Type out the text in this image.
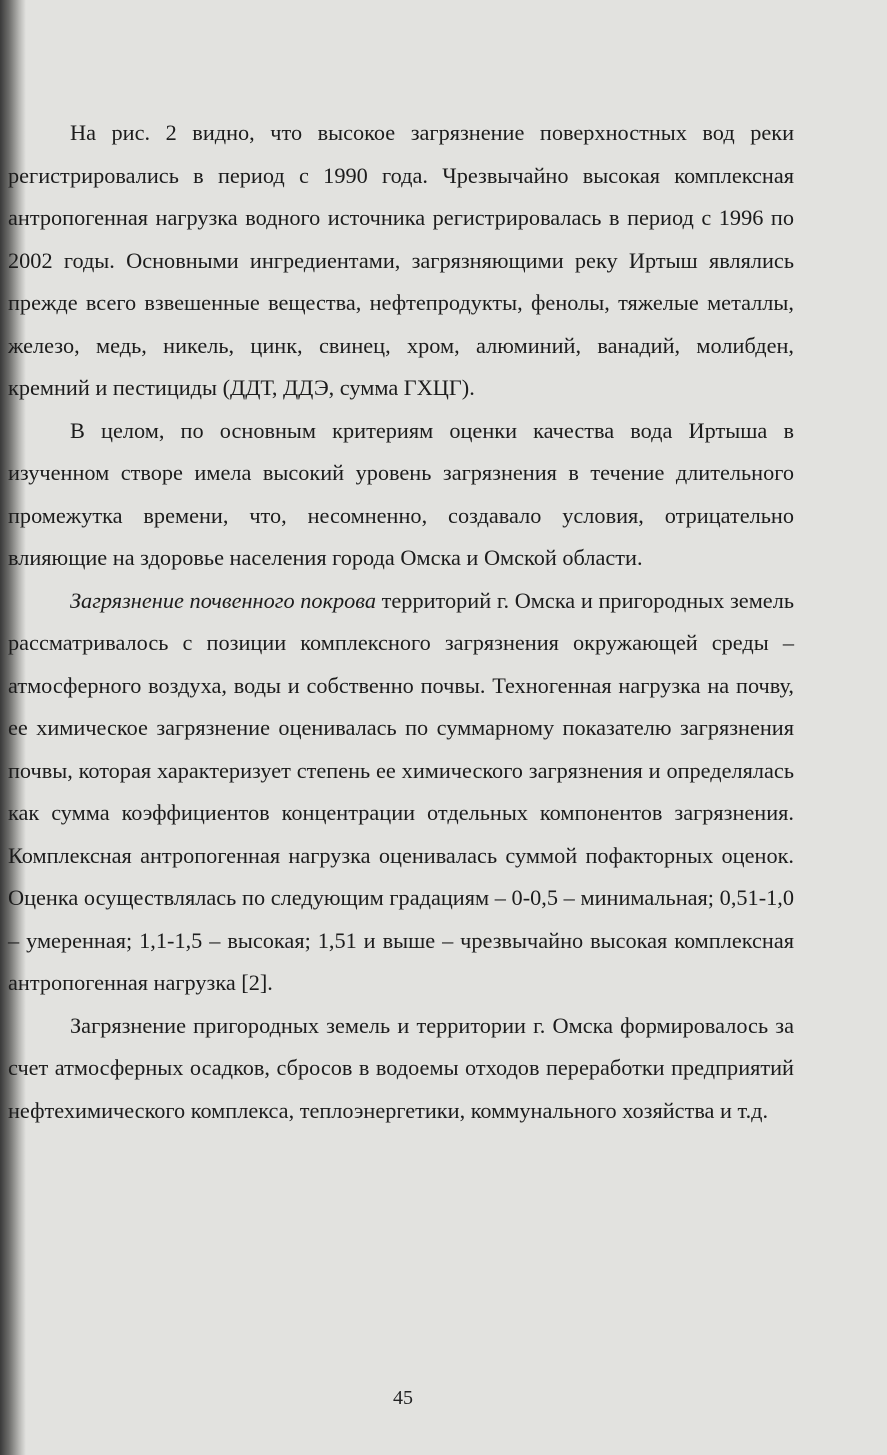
На рис. 2 видно, что высокое загрязнение поверхностных вод реки регистрировались в период с 1990 года. Чрезвычайно высокая комплексная антропогенная нагрузка водного источника регистрировалась в период с 1996 по 2002 годы. Основными ингредиентами, загрязняющими реку Иртыш являлись прежде всего взвешенные вещества, нефтепродукты, фенолы, тяжелые металлы, железо, медь, никель, цинк, свинец, хром, алюминий, ванадий, молибден, кремний и пестициды (ДДТ, ДДЭ, сумма ГХЦГ).

В целом, по основным критериям оценки качества вода Иртыша в изученном створе имела высокий уровень загрязнения в течение длительного промежутка времени, что, несомненно, создавало условия, отрицательно влияющие на здоровье населения города Омска и Омской области.

Загрязнение почвенного покрова территорий г. Омска и пригородных земель рассматривалось с позиции комплексного загрязнения окружающей среды – атмосферного воздуха, воды и собственно почвы. Техногенная нагрузка на почву, ее химическое загрязнение оценивалась по суммарному показателю загрязнения почвы, которая характеризует степень ее химического загрязнения и определялась как сумма коэффициентов концентрации отдельных компонентов загрязнения. Комплексная антропогенная нагрузка оценивалась суммой пофакторных оценок. Оценка осуществлялась по следующим градациям – 0-0,5 – минимальная; 0,51-1,0 – умеренная; 1,1-1,5 – высокая; 1,51 и выше – чрезвычайно высокая комплексная антропогенная нагрузка [2].

Загрязнение пригородных земель и территории г. Омска формировалось за счет атмосферных осадков, сбросов в водоемы отходов переработки предприятий нефтехимического комплекса, теплоэнергетики, коммунального хозяйства и т.д.

45
